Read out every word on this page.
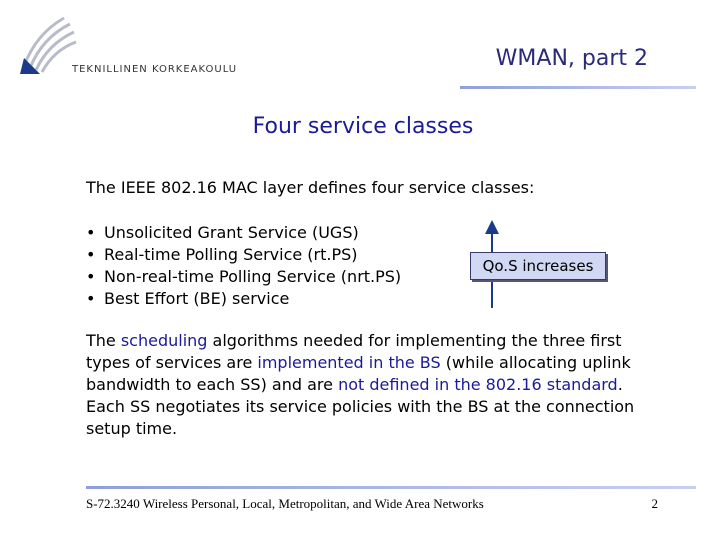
TEKNILLINEN KORKEAKOULU	WMAN, part 2
Four service classes
The IEEE 802.16 MAC layer defines four service classes:
• Unsolicited Grant Service (UGS)
• Real-time Polling Service (rt.PS)
• Non-real-time Polling Service (nrt.PS)
• Best Effort (BE) service
Qo.S increases
The scheduling algorithms needed for implementing the three first types of services are implemented in the BS (while allocating uplink bandwidth to each SS) and are not defined in the 802.16 standard. Each SS negotiates its service policies with the BS at the connection setup time.
S-72.3240 Wireless Personal, Local, Metropolitan, and Wide Area Networks	2
